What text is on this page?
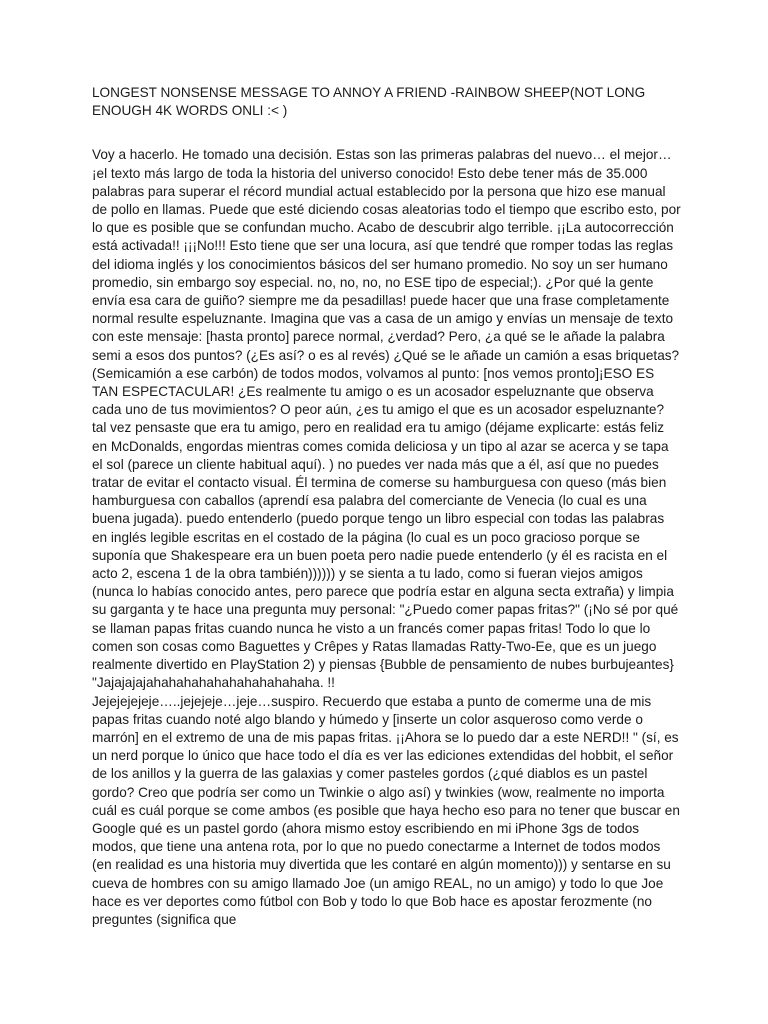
LONGEST NONSENSE MESSAGE TO ANNOY A FRIEND -RAINBOW SHEEP(NOT LONG ENOUGH 4K WORDS ONLI :< )

Voy a hacerlo. He tomado una decisión. Estas son las primeras palabras del nuevo… el mejor… ¡el texto más largo de toda la historia del universo conocido! Esto debe tener más de 35.000 palabras para superar el récord mundial actual establecido por la persona que hizo ese manual de pollo en llamas. Puede que esté diciendo cosas aleatorias todo el tiempo que escribo esto, por lo que es posible que se confundan mucho. Acabo de descubrir algo terrible. ¡¡La autocorrección está activada!! ¡¡¡No!!! Esto tiene que ser una locura, así que tendré que romper todas las reglas del idioma inglés y los conocimientos básicos del ser humano promedio. No soy un ser humano promedio, sin embargo soy especial. no, no, no, no ESE tipo de especial;). ¿Por qué la gente envía esa cara de guiño? siempre me da pesadillas! puede hacer que una frase completamente normal resulte espeluznante. Imagina que vas a casa de un amigo y envías un mensaje de texto con este mensaje: [hasta pronto] parece normal, ¿verdad? Pero, ¿a qué se le añade la palabra semi a esos dos puntos? (¿Es así? o es al revés) ¿Qué se le añade un camión a esas briquetas? (Semicamión a ese carbón) de todos modos, volvamos al punto: [nos vemos pronto]¡ESO ES TAN ESPECTACULAR! ¿Es realmente tu amigo o es un acosador espeluznante que observa cada uno de tus movimientos? O peor aún, ¿es tu amigo el que es un acosador espeluznante? tal vez pensaste que era tu amigo, pero en realidad era tu amigo (déjame explicarte: estás feliz en McDonalds, engordas mientras comes comida deliciosa y un tipo al azar se acerca y se tapa el sol (parece un cliente habitual aquí). ) no puedes ver nada más que a él, así que no puedes tratar de evitar el contacto visual. Él termina de comerse su hamburguesa con queso (más bien hamburguesa con caballos (aprendí esa palabra del comerciante de Venecia (lo cual es una buena jugada). puedo entenderlo (puedo porque tengo un libro especial con todas las palabras en inglés legible escritas en el costado de la página (lo cual es un poco gracioso porque se suponía que Shakespeare era un buen poeta pero nadie puede entenderlo (y él es racista en el acto 2, escena 1 de la obra también)))))) y se sienta a tu lado, como si fueran viejos amigos (nunca lo habías conocido antes, pero parece que podría estar en alguna secta extraña) y limpia su garganta y te hace una pregunta muy personal: "¿Puedo comer papas fritas?" (¡No sé por qué se llaman papas fritas cuando nunca he visto a un francés comer papas fritas! Todo lo que lo comen son cosas como Baguettes y Crêpes y Ratas llamadas Ratty-Two-Ee, que es un juego realmente divertido en PlayStation 2) y piensas {Bubble de pensamiento de nubes burbujeantes} "Jajajajajahahahahahahahahahahaha. !!

Jejejejejeje…..jejejeje…jeje…suspiro. Recuerdo que estaba a punto de comerme una de mis papas fritas cuando noté algo blando y húmedo y [inserte un color asqueroso como verde o marrón] en el extremo de una de mis papas fritas. ¡¡Ahora se lo puedo dar a este NERD!! " (sí, es un nerd porque lo único que hace todo el día es ver las ediciones extendidas del hobbit, el señor de los anillos y la guerra de las galaxias y comer pasteles gordos (¿qué diablos es un pastel gordo? Creo que podría ser como un Twinkie o algo así) y twinkies (wow, realmente no importa cuál es cuál porque se come ambos (es posible que haya hecho eso para no tener que buscar en Google qué es un pastel gordo (ahora mismo estoy escribiendo en mi iPhone 3gs de todos modos, que tiene una antena rota, por lo que no puedo conectarme a Internet de todos modos (en realidad es una historia muy divertida que les contaré en algún momento))) y sentarse en su cueva de hombres con su amigo llamado Joe (un amigo REAL, no un amigo) y todo lo que Joe hace es ver deportes como fútbol con Bob y todo lo que Bob hace es apostar ferozmente (no preguntes (significa que
